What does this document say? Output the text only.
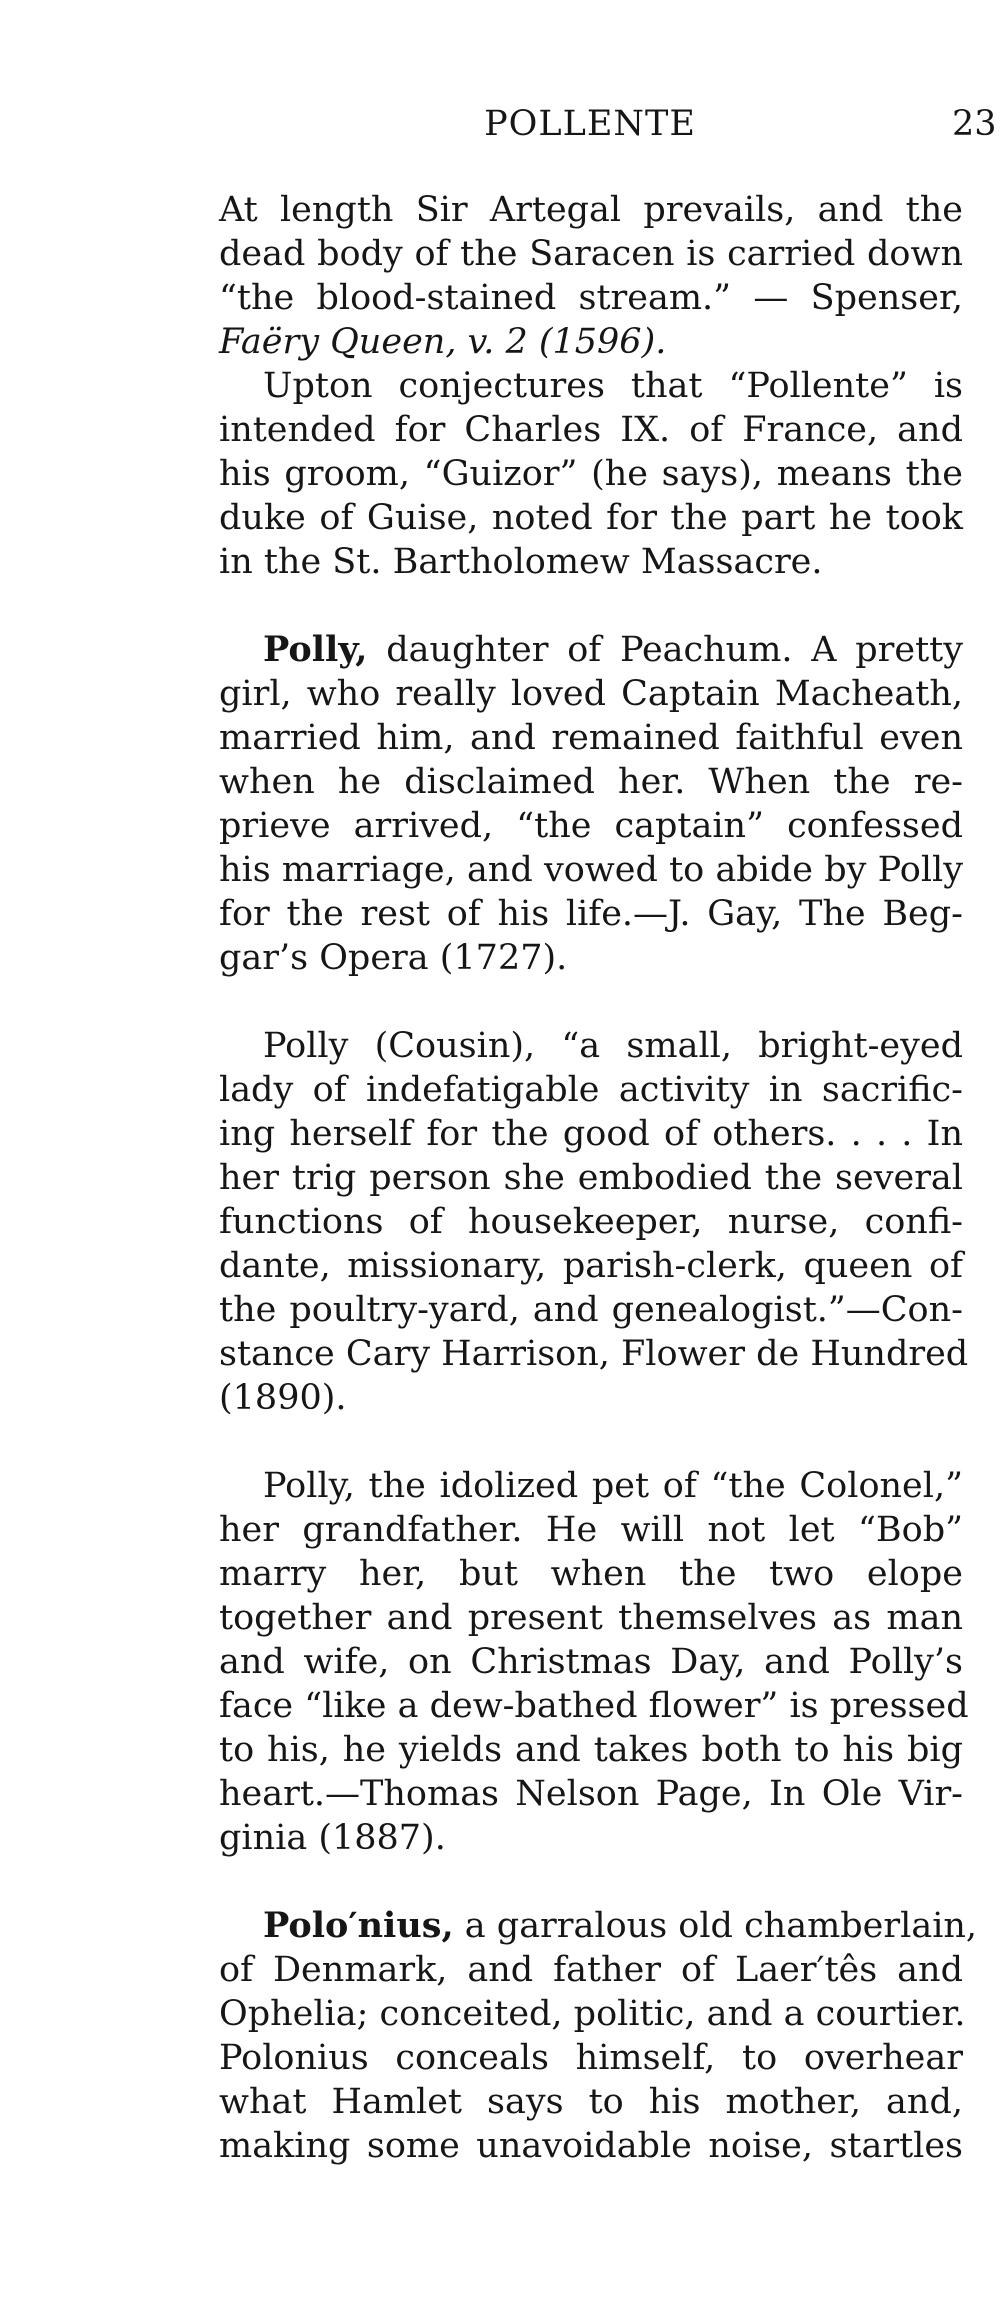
POLLENTE	23
At length Sir Artegal prevails, and the
dead body of the Saracen is carried down
“the blood-stained stream.” — Spenser,
Faëry Queen, v. 2 (1596).
Upton conjectures that “Pollente” is
intended for Charles IX. of France, and
his groom, “Guizor” (he says), means the
duke of Guise, noted for the part he took
in the St. Bartholomew Massacre.
Polly, daughter of Peachum. A pretty
girl, who really loved Captain Macheath,
married him, and remained faithful even
when he disclaimed her. When the re-
prieve arrived, “the captain” confessed
his marriage, and vowed to abide by Polly
for the rest of his life.—J. Gay, The Beg-
gar’s Opera (1727).
Polly (Cousin), “a small, bright-eyed
lady of indefatigable activity in sacrific-
ing herself for the good of others. . . . In
her trig person she embodied the several
functions of housekeeper, nurse, confi-
dante, missionary, parish-clerk, queen of
the poultry-yard, and genealogist.”—Con-
stance Cary Harrison, Flower de Hundred
(1890).
Polly, the idolized pet of “the Colonel,”
her grandfather. He will not let “Bob”
marry her, but when the two elope
together and present themselves as man
and wife, on Christmas Day, and Polly’s
face “like a dew-bathed flower” is pressed
to his, he yields and takes both to his big
heart.—Thomas Nelson Page, In Ole Vir-
ginia (1887).
Polo′nius, a garralous old chamberlain,
of Denmark, and father of Laer′tês and
Ophelia; conceited, politic, and a courtier.
Polonius conceals himself, to overhear
what Hamlet says to his mother, and,
making some unavoidable noise, startles
